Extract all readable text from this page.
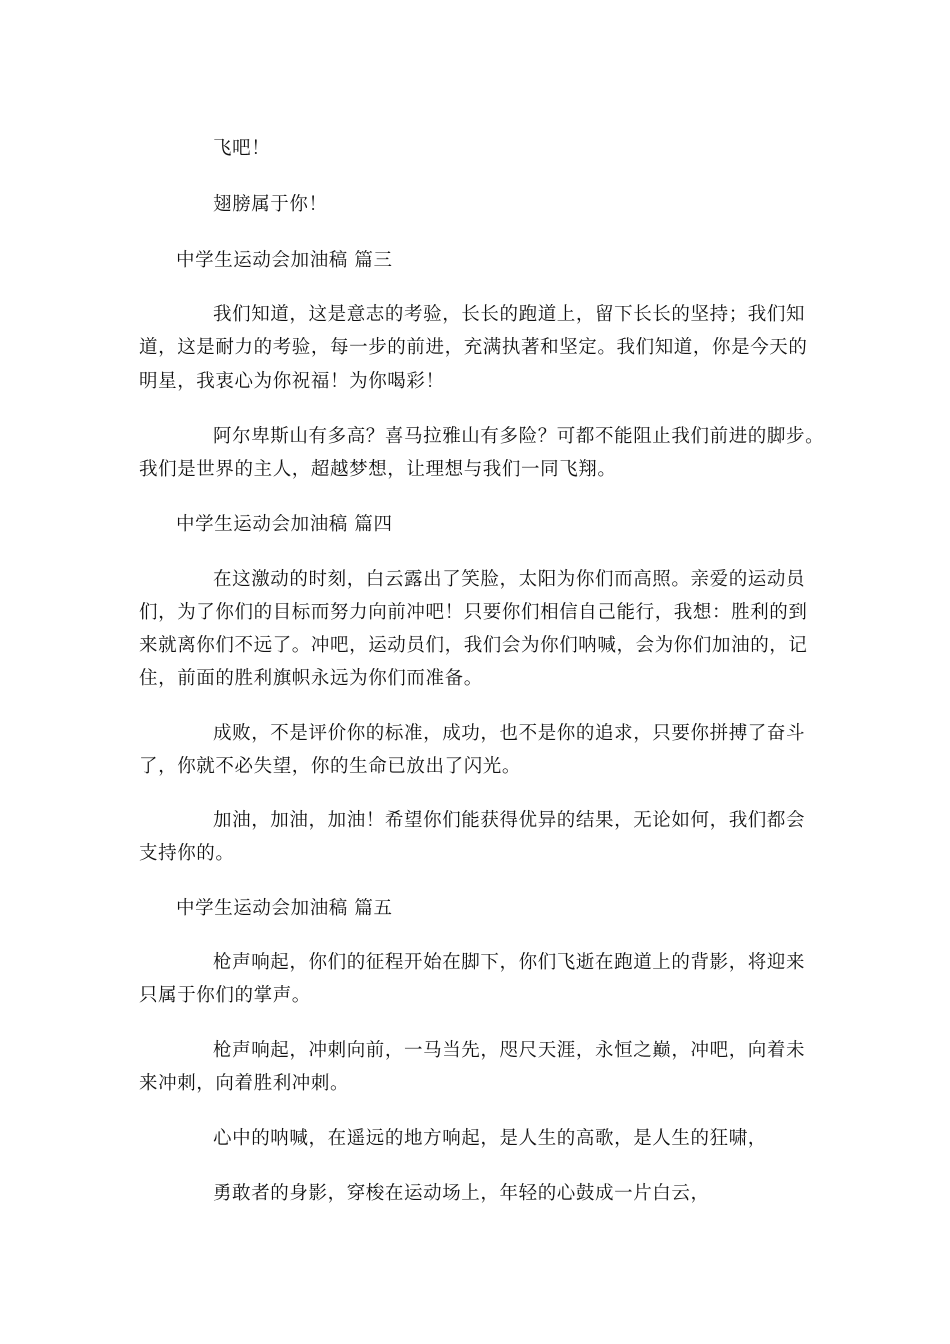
飞吧！
翅膀属于你！
中学生运动会加油稿 篇三
我们知道，这是意志的考验，长长的跑道上，留下长长的坚持；我们知
道，这是耐力的考验，每一步的前进，充满执著和坚定。我们知道，你是今天的
明星，我衷心为你祝福！为你喝彩！
阿尔卑斯山有多高？喜马拉雅山有多险？可都不能阻止我们前进的脚步。
我们是世界的主人，超越梦想，让理想与我们一同飞翔。
中学生运动会加油稿 篇四
在这激动的时刻，白云露出了笑脸，太阳为你们而高照。亲爱的运动员
们，为了你们的目标而努力向前冲吧！只要你们相信自己能行，我想：胜利的到
来就离你们不远了。冲吧，运动员们，我们会为你们呐喊，会为你们加油的，记
住，前面的胜利旗帜永远为你们而准备。
成败，不是评价你的标准，成功，也不是你的追求，只要你拼搏了奋斗
了，你就不必失望，你的生命已放出了闪光。
加油，加油，加油！希望你们能获得优异的结果，无论如何，我们都会
支持你的。
中学生运动会加油稿 篇五
枪声响起，你们的征程开始在脚下，你们飞逝在跑道上的背影，将迎来
只属于你们的掌声。
枪声响起，冲刺向前，一马当先，咫尺天涯，永恒之巅，冲吧，向着未
来冲刺，向着胜利冲刺。
心中的呐喊，在遥远的地方响起，是人生的高歌，是人生的狂啸，
勇敢者的身影，穿梭在运动场上，年轻的心鼓成一片白云，
